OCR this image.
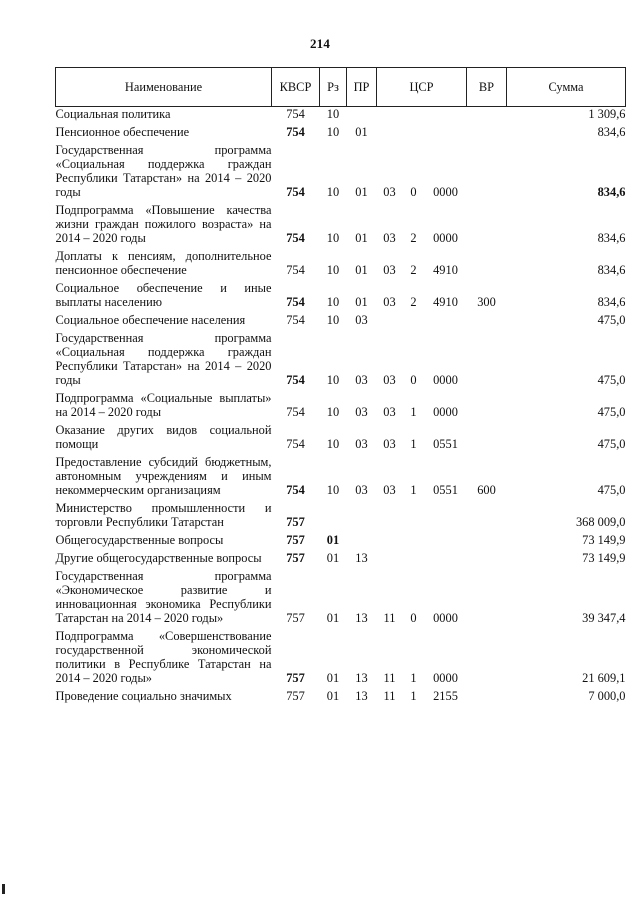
214
Наименование	КВСР	Рз	ПР	ЦСР	ВР	Сумма
Социальная политика	754	10				1 309,6
Пенсионное обеспечение	754	10	01			834,6
Государственная программа «Социальная поддержка граждан Республики Татарстан» на 2014 – 2020 годы	754	10	01	03 0 0000		834,6
Подпрограмма «Повышение качества жизни граждан пожилого возраста» на 2014 – 2020 годы	754	10	01	03 2 0000		834,6
Доплаты к пенсиям, дополнительное пенсионное обеспечение	754	10	01	03 2 4910		834,6
Социальное обеспечение и иные выплаты населению	754	10	01	03 2 4910	300	834,6
Социальное обеспечение населения	754	10	03			475,0
Государственная программа «Социальная поддержка граждан Республики Татарстан» на 2014 – 2020 годы	754	10	03	03 0 0000		475,0
Подпрограмма «Социальные выплаты» на 2014 – 2020 годы	754	10	03	03 1 0000		475,0
Оказание других видов социальной помощи	754	10	03	03 1 0551		475,0
Предоставление субсидий бюджетным, автономным учреждениям и иным некоммерческим организациям	754	10	03	03 1 0551	600	475,0
Министерство промышленности и торговли Республики Татарстан	757					368 009,0
Общегосударственные вопросы	757	01				73 149,9
Другие общегосударственные вопросы	757	01	13			73 149,9
Государственная программа «Экономическое развитие и инновационная экономика Республики Татарстан на 2014 – 2020 годы»	757	01	13	11 0 0000		39 347,4
Подпрограмма «Совершенствование государственной экономической политики в Республике Татарстан на 2014 – 2020 годы»	757	01	13	11 1 0000		21 609,1
Проведение социально значимых	757	01	13	11 1 2155		7 000,0
